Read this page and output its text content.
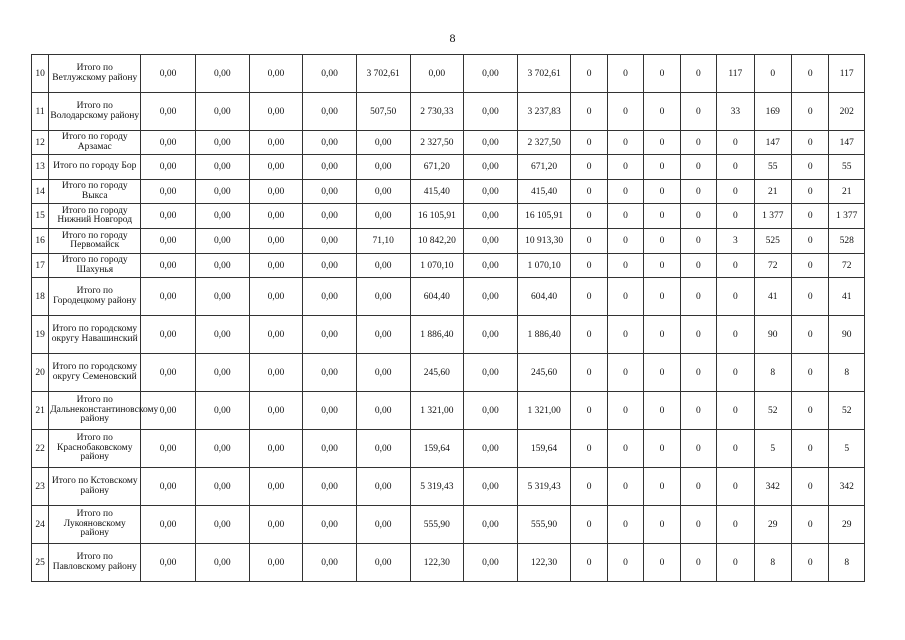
8
10	Итого по Ветлужскому району	0,00	0,00	0,00	0,00	3 702,61	0,00	0,00	3 702,61	0	0	0	0	117	0	0	117
11	Итого по Володарскому району	0,00	0,00	0,00	0,00	507,50	2 730,33	0,00	3 237,83	0	0	0	0	33	169	0	202
12	Итого по городу Арзамас	0,00	0,00	0,00	0,00	0,00	2 327,50	0,00	2 327,50	0	0	0	0	0	147	0	147
13	Итого по городу Бор	0,00	0,00	0,00	0,00	0,00	671,20	0,00	671,20	0	0	0	0	0	55	0	55
14	Итого по городу Выкса	0,00	0,00	0,00	0,00	0,00	415,40	0,00	415,40	0	0	0	0	0	21	0	21
15	Итого по городу Нижний Новгород	0,00	0,00	0,00	0,00	0,00	16 105,91	0,00	16 105,91	0	0	0	0	0	1 377	0	1 377
16	Итого по городу Первомайск	0,00	0,00	0,00	0,00	71,10	10 842,20	0,00	10 913,30	0	0	0	0	3	525	0	528
17	Итого по городу Шахунья	0,00	0,00	0,00	0,00	0,00	1 070,10	0,00	1 070,10	0	0	0	0	0	72	0	72
18	Итого по Городецкому району	0,00	0,00	0,00	0,00	0,00	604,40	0,00	604,40	0	0	0	0	0	41	0	41
19	Итого по городскому округу Навашинский	0,00	0,00	0,00	0,00	0,00	1 886,40	0,00	1 886,40	0	0	0	0	0	90	0	90
20	Итого по городскому округу Семеновский	0,00	0,00	0,00	0,00	0,00	245,60	0,00	245,60	0	0	0	0	0	8	0	8
21	Итого по Дальнеконстантиновскому району	0,00	0,00	0,00	0,00	0,00	1 321,00	0,00	1 321,00	0	0	0	0	0	52	0	52
22	Итого по Краснобаковскому району	0,00	0,00	0,00	0,00	0,00	159,64	0,00	159,64	0	0	0	0	0	5	0	5
23	Итого по Кстовскому району	0,00	0,00	0,00	0,00	0,00	5 319,43	0,00	5 319,43	0	0	0	0	0	342	0	342
24	Итого по Лукояновскому району	0,00	0,00	0,00	0,00	0,00	555,90	0,00	555,90	0	0	0	0	0	29	0	29
25	Итого по Павловскому району	0,00	0,00	0,00	0,00	0,00	122,30	0,00	122,30	0	0	0	0	0	8	0	8
